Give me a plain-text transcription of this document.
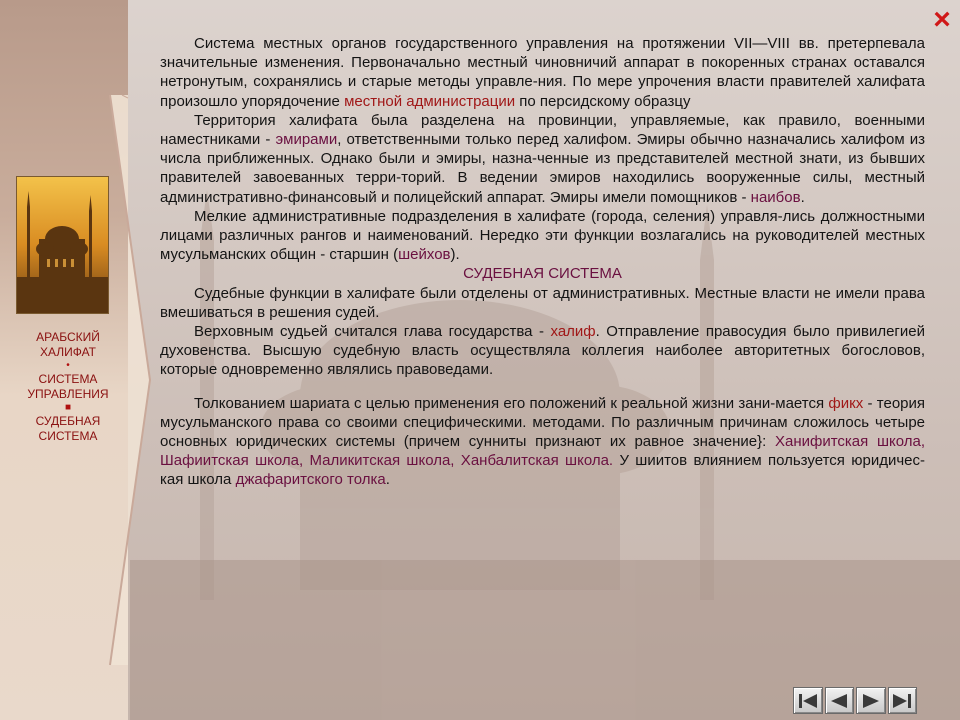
АРАБСКИЙ ХАЛИФАТ
•
СИСТЕМА УПРАВЛЕНИЯ
■
СУДЕБНАЯ СИСТЕМА
×

Система местных органов государственного управления на протяжении VII—VIII вв. претерпевала значительные изменения. Первоначально местный чиновничий аппарат в покоренных странах оставался нетронутым, сохранялись и старые методы управле-ния. По мере упрочения власти правителей халифата произошло упорядочение местной администрации по персидскому образцу

Территория халифата была разделена на провинции, управляемые, как правило, военными наместниками - эмирами, ответственными только перед халифом. Эмиры обычно назначались халифом из числа приближенных. Однако были и эмиры, назна-ченные из представителей местной знати, из бывших правителей завоеванных терри-торий. В ведении эмиров находились вооруженные силы, местный административно-финансовый и полицейский аппарат. Эмиры имели помощников - наибов.

Мелкие административные подразделения в халифате (города, селения) управля-лись должностными лицами различных рангов и наименований. Нередко эти функции возлагались на руководителей местных мусульманских общин - старшин (шейхов).

СУДЕБНАЯ СИСТЕМА

Судебные функции в халифате были отделены от административных. Местные власти не имели права вмешиваться в решения судей.

Верховным судьей считался глава государства - халиф. Отправление правосудия было привилегией духовенства. Высшую судебную власть осуществляла коллегия наиболее авторитетных богословов, которые одновременно являлись правоведами.

Толкованием шариата с целью применения его положений к реальной жизни зани-мается фикх - теория мусульманского права со своими специфическими. методами. По различным причинам сложилось четыре основных юридических системы (причем сунниты признают их равное значение}: Ханифитская школа, Шафиитская школа, Маликитская школа, Ханбалитская школа. У шиитов влиянием пользуется юридичес-кая школа джафаритского толка.
